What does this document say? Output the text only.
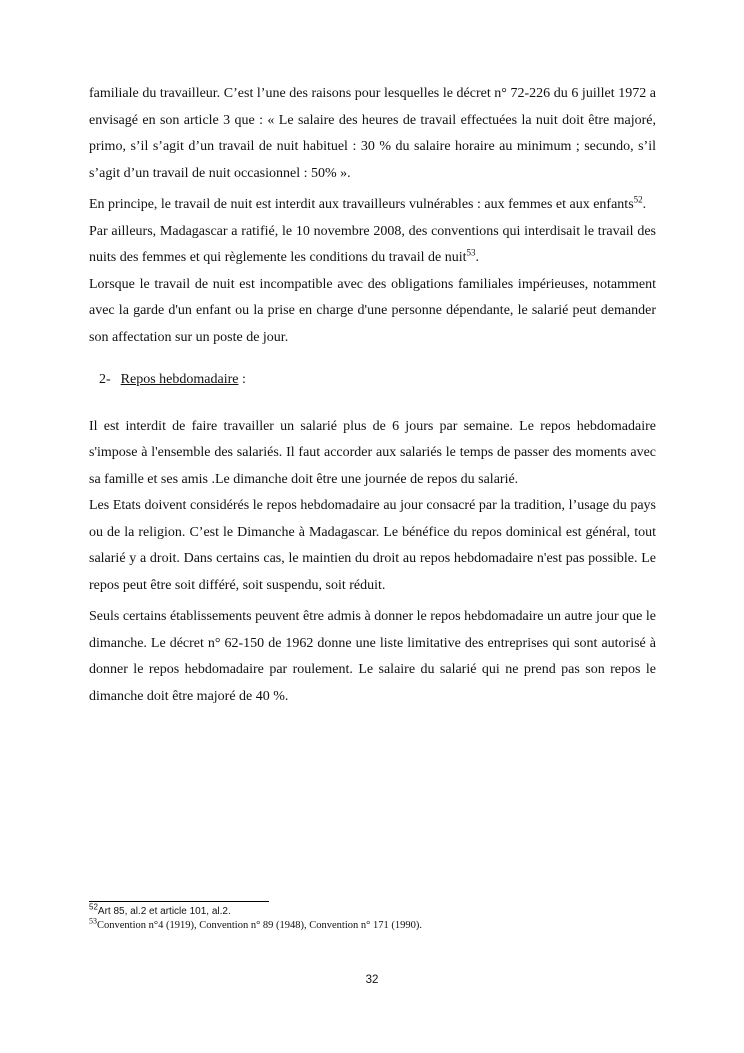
familiale du travailleur. C’est l’une des raisons pour lesquelles le décret n° 72-226 du 6 juillet 1972 a envisagé en son article 3 que : « Le salaire des heures de travail effectuées la nuit doit être majoré, primo, s’il s’agit d’un travail de nuit habituel : 30 % du salaire horaire au minimum ; secundo, s’il s’agit d’un travail de nuit occasionnel : 50% ».

En principe, le travail de nuit est interdit aux travailleurs vulnérables : aux femmes et aux enfants$^{52}$.

Par ailleurs, Madagascar a ratifié, le 10 novembre 2008, des conventions qui interdisait le travail des nuits des femmes et qui règlemente les conditions du travail de nuit$^{53}$.

Lorsque le travail de nuit est incompatible avec des obligations familiales impérieuses, notamment avec la garde d'un enfant ou la prise en charge d'une personne dépendante, le salarié peut demander son affectation sur un poste de jour.

2- Repos hebdomadaire :

Il est interdit de faire travailler un salarié plus de 6 jours par semaine. Le repos hebdomadaire s'impose à l'ensemble des salariés. Il faut accorder aux salariés le temps de passer des moments avec sa famille et ses amis .Le dimanche doit être une journée de repos du salarié.

Les Etats doivent considérés le repos hebdomadaire au jour consacré par la tradition, l’usage du pays ou de la religion. C’est le Dimanche à Madagascar. Le bénéfice du repos dominical est général, tout salarié y a droit. Dans certains cas, le maintien du droit au repos hebdomadaire n'est pas possible. Le repos peut être soit différé, soit suspendu, soit réduit.

Seuls certains établissements peuvent être admis à donner le repos hebdomadaire un autre jour que le dimanche. Le décret n° 62-150 de 1962 donne une liste limitative des entreprises qui sont autorisé à donner le repos hebdomadaire par roulement. Le salaire du salarié qui ne prend pas son repos le dimanche doit être majoré de 40 %.

$^{52}$Art 85, al.2 et article 101, al.2.

$^{53}$Convention n°4 (1919), Convention n° 89 (1948), Convention n° 171 (1990).

32
